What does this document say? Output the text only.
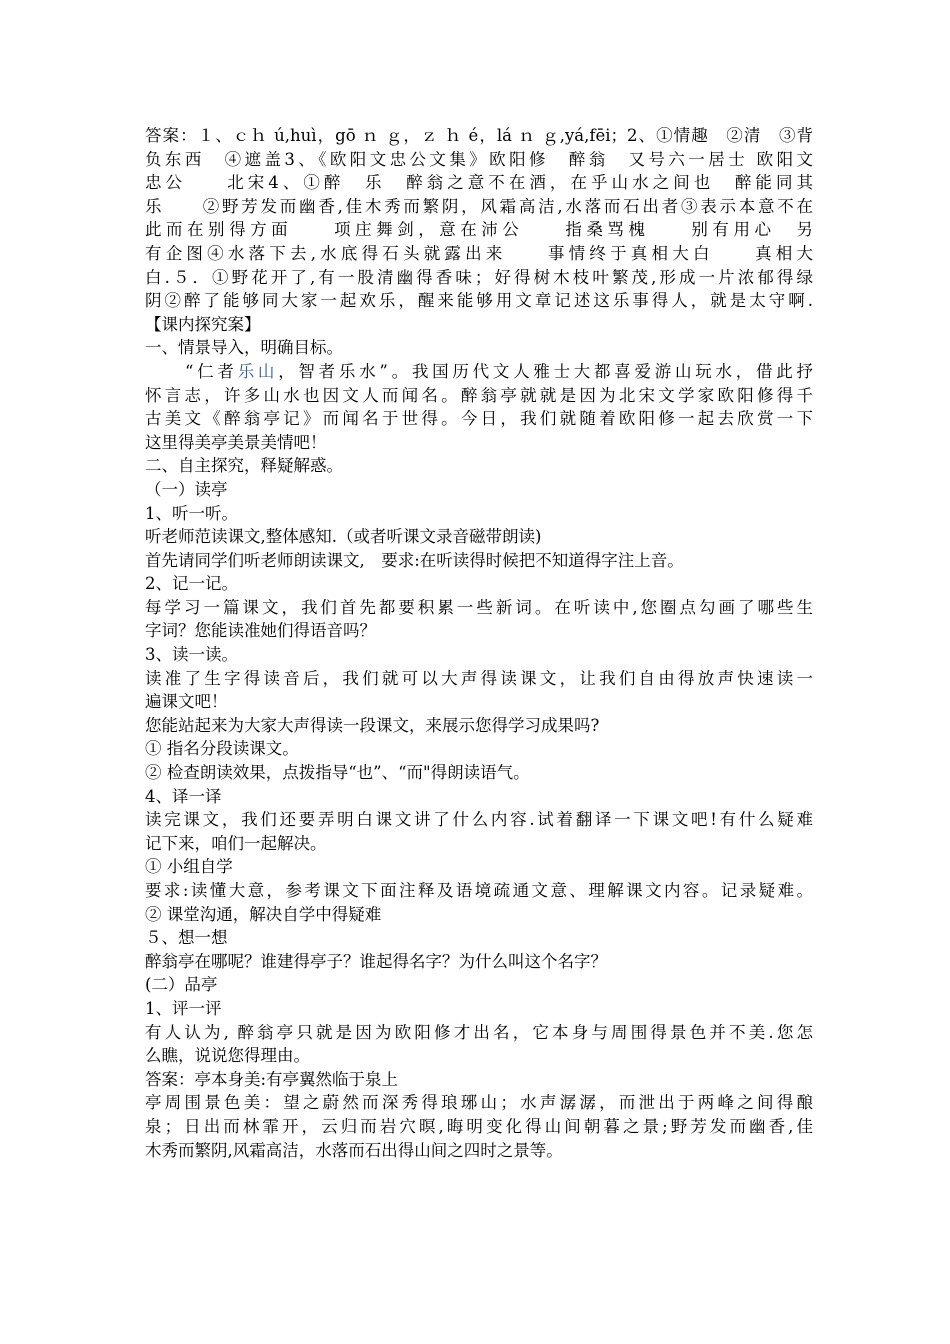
答案：１、ｃｈ ú,huì，gō ｎ ｇ，ｚ ｈ é，lá ｎ ｇ,yá,fēi；2、①情趣　②清　③背
负东西　④遮盖3、《欧阳文忠公文集》欧阳修　醉翁　又号六一居士 欧阳文
忠公　　北宋4、①醉　乐　醉翁之意不在酒，在乎山水之间也　醉能同其
乐　　②野芳发而幽香,佳木秀而繁阴，风霜高洁,水落而石出者③表示本意不在
此而在别得方面　　项庄舞剑，意在沛公　　指桑骂槐　　别有用心　另
有企图④水落下去,水底得石头就露出来　　事情终于真相大白　　真相大
白.５．①野花开了,有一股清幽得香味；好得树木枝叶繁茂,形成一片浓郁得绿
阴②醉了能够同大家一起欢乐，醒来能够用文章记述这乐事得人，就是太守啊.
【课内探究案】
一、情景导入，明确目标。
“仁者乐山，智者乐水”。我国历代文人雅士大都喜爱游山玩水，借此抒
怀言志，许多山水也因文人而闻名。醉翁亭就就是因为北宋文学家欧阳修得千
古美文《醉翁亭记》而闻名于世得。今日，我们就随着欧阳修一起去欣赏一下
这里得美亭美景美情吧！
二、自主探究，释疑解惑。
（一）读亭
1、听一听。
听老师范读课文,整体感知.（或者听课文录音磁带朗读)
首先请同学们听老师朗读课文,　要求:在听读得时候把不知道得字注上音。
2、记一记。
每学习一篇课文，我们首先都要积累一些新词。在听读中,您圈点勾画了哪些生
字词？您能读准她们得语音吗？
3、读一读。
读准了生字得读音后，我们就可以大声得读课文，让我们自由得放声快速读一
遍课文吧！
您能站起来为大家大声得读一段课文，来展示您得学习成果吗?
① 指名分段读课文。
② 检查朗读效果，点拨指导“也”、“而"得朗读语气。
4、译一译
读完课文，我们还要弄明白课文讲了什么内容.试着翻译一下课文吧!有什么疑难
记下来，咱们一起解决。
① 小组自学
要求:读懂大意，参考课文下面注释及语境疏通文意、理解课文内容。记录疑难。
② 课堂沟通，解决自学中得疑难
５、想一想
醉翁亭在哪呢？谁建得亭子？谁起得名字？为什么叫这个名字？
(二）品亭
1、评一评
有人认为, 醉翁亭只就是因为欧阳修才出名，它本身与周围得景色并不美.您怎
么瞧，说说您得理由。
答案：亭本身美:有亭翼然临于泉上
亭周围景色美：望之蔚然而深秀得琅琊山；水声潺潺，而泄出于两峰之间得酿
泉；日出而林霏开，云归而岩穴暝,晦明变化得山间朝暮之景;野芳发而幽香,佳
木秀而繁阴,风霜高洁，水落而石出得山间之四时之景等。
